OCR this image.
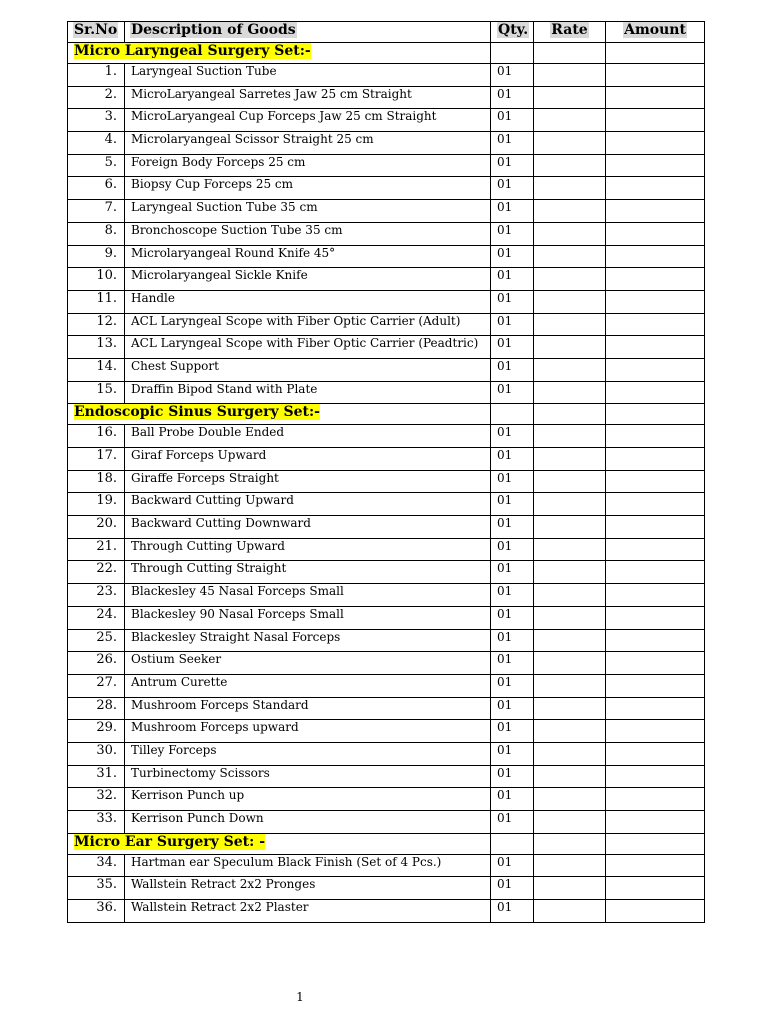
Sr.No	Description of Goods	Qty.	Rate	Amount
Micro Laryngeal Surgery Set:-				
1.	Laryngeal Suction Tube	01		
2.	MicroLaryangeal Sarretes Jaw 25 cm Straight	01		
3.	MicroLaryangeal Cup Forceps Jaw 25 cm Straight	01		
4.	Microlaryangeal Scissor Straight 25 cm	01		
5.	Foreign Body Forceps 25 cm	01		
6.	Biopsy Cup Forceps 25 cm	01		
7.	Laryngeal Suction Tube 35 cm	01		
8.	Bronchoscope Suction Tube 35 cm	01		
9.	Microlaryangeal Round Knife 45°	01		
10.	Microlaryangeal Sickle Knife	01		
11.	Handle	01		
12.	ACL Laryngeal Scope with Fiber Optic Carrier (Adult)	01		
13.	ACL Laryngeal Scope with Fiber Optic Carrier (Peadtric)	01		
14.	Chest Support	01		
15.	Draffin Bipod Stand with Plate	01		
Endoscopic Sinus Surgery Set:-				
16.	Ball Probe Double Ended	01		
17.	Giraf Forceps Upward	01		
18.	Giraffe Forceps Straight	01		
19.	Backward Cutting Upward	01		
20.	Backward Cutting Downward	01		
21.	Through Cutting Upward	01		
22.	Through Cutting Straight	01		
23.	Blackesley 45 Nasal Forceps Small	01		
24.	Blackesley 90 Nasal Forceps Small	01		
25.	Blackesley Straight Nasal Forceps	01		
26.	Ostium Seeker	01		
27.	Antrum Curette	01		
28.	Mushroom Forceps Standard	01		
29.	Mushroom Forceps upward	01		
30.	Tilley Forceps	01		
31.	Turbinectomy Scissors	01		
32.	Kerrison Punch up	01		
33.	Kerrison Punch Down	01		
Micro Ear Surgery Set: -				
34.	Hartman ear Speculum Black Finish (Set of 4 Pcs.)	01		
35.	Wallstein Retract 2x2 Pronges	01		
36.	Wallstein Retract 2x2 Plaster	01		
1
